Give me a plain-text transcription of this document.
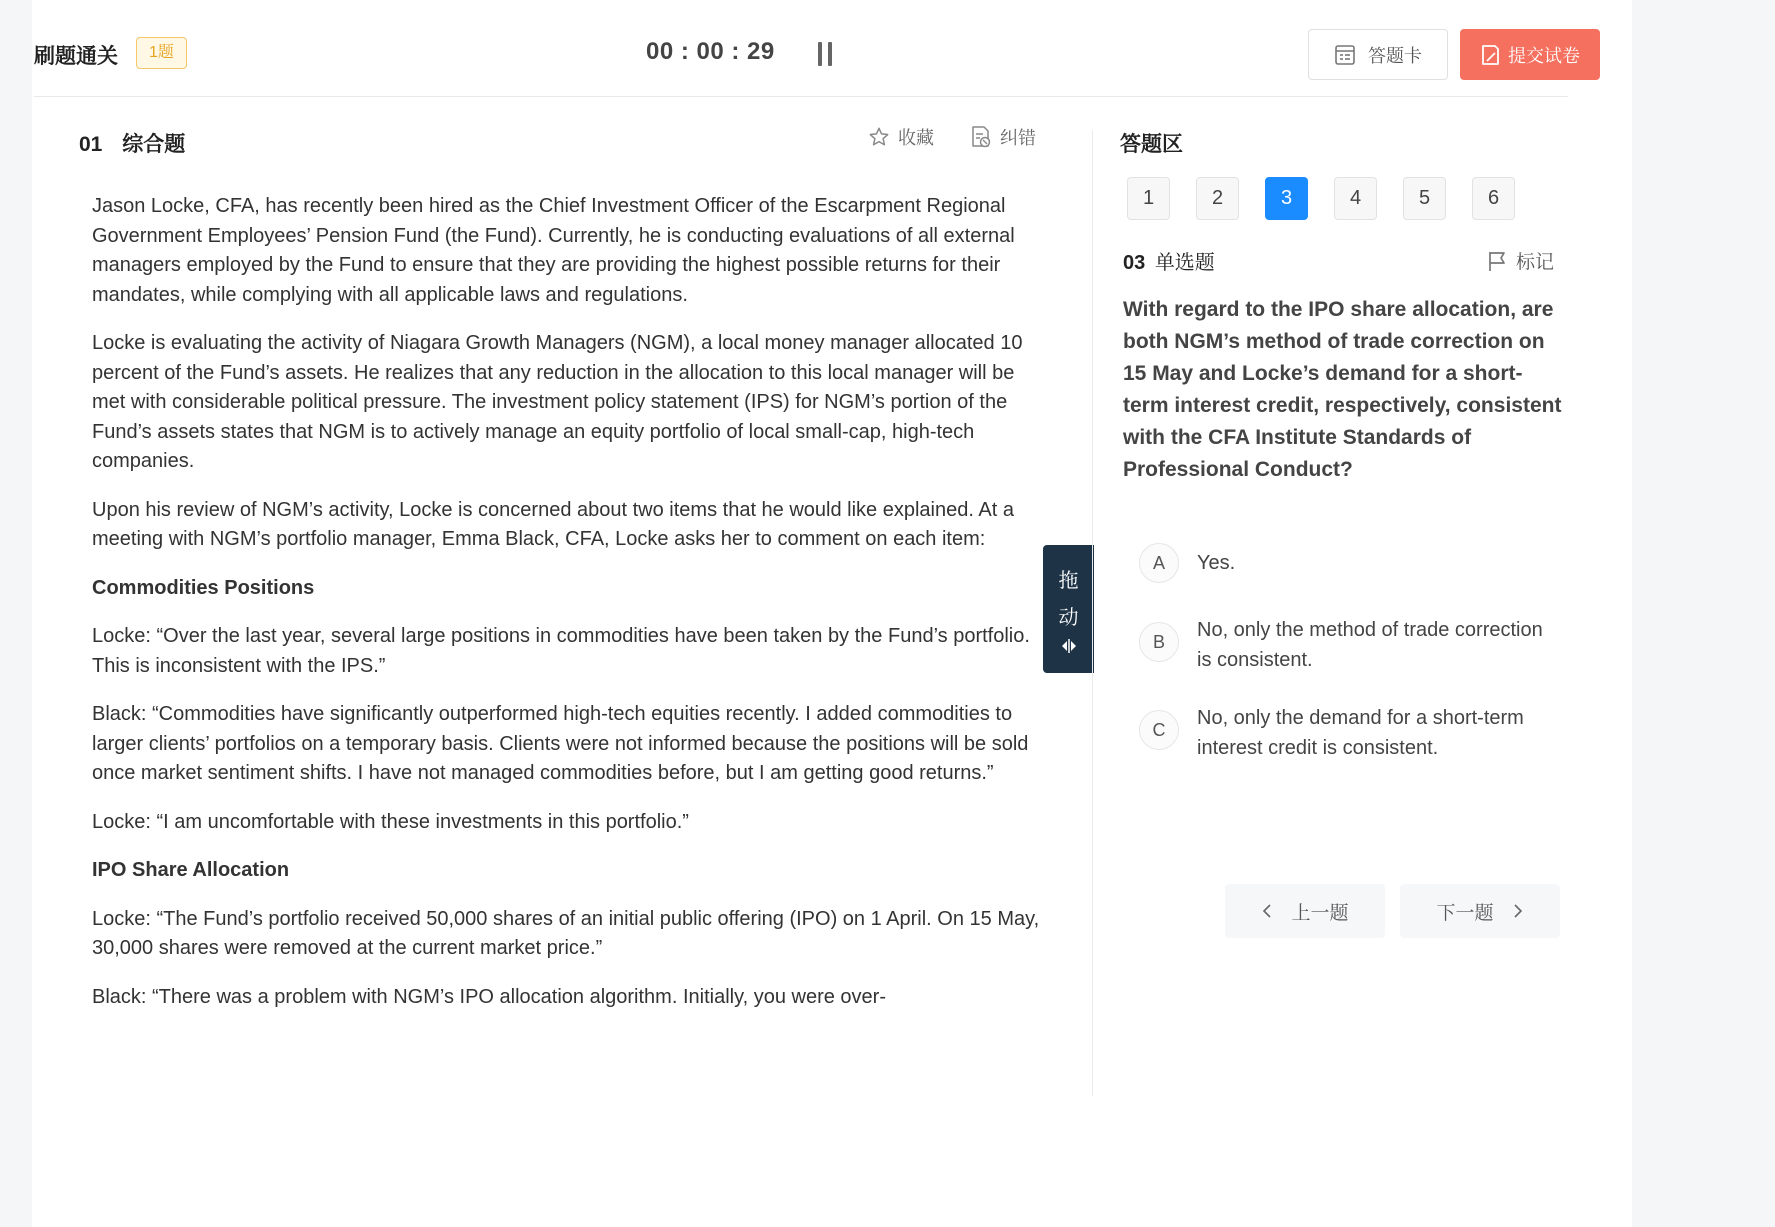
刷题通关	1题	00 : 00 : 29	答题卡	提交试卷
01 综合题	收藏	纠错

Jason Locke, CFA, has recently been hired as the Chief Investment Officer of the Escarpment Regional Government Employees’ Pension Fund (the Fund). Currently, he is conducting evaluations of all external managers employed by the Fund to ensure that they are providing the highest possible returns for their mandates, while complying with all applicable laws and regulations.

Locke is evaluating the activity of Niagara Growth Managers (NGM), a local money manager allocated 10 percent of the Fund’s assets. He realizes that any reduction in the allocation to this local manager will be met with considerable political pressure. The investment policy statement (IPS) for NGM’s portion of the Fund’s assets states that NGM is to actively manage an equity portfolio of local small-cap, high-tech companies.

Upon his review of NGM’s activity, Locke is concerned about two items that he would like explained. At a meeting with NGM’s portfolio manager, Emma Black, CFA, Locke asks her to comment on each item:

Commodities Positions

Locke: “Over the last year, several large positions in commodities have been taken by the Fund’s portfolio. This is inconsistent with the IPS.”

Black: “Commodities have significantly outperformed high-tech equities recently. I added commodities to larger clients’ portfolios on a temporary basis. Clients were not informed because the positions will be sold once market sentiment shifts. I have not managed commodities before, but I am getting good returns.”

Locke: “I am uncomfortable with these investments in this portfolio.”

IPO Share Allocation

Locke: “The Fund’s portfolio received 50,000 shares of an initial public offering (IPO) on 1 April. On 15 May, 30,000 shares were removed at the current market price.”

Black: “There was a problem with NGM’s IPO allocation algorithm. Initially, you were over-

拖
动
答题区
1	2	3	4	5	6
03 单选题	标记
With regard to the IPO share allocation, are both NGM’s method of trade correction on 15 May and Locke’s demand for a short-term interest credit, respectively, consistent with the CFA Institute Standards of Professional Conduct?
A	Yes.
B
No, only the method of trade correction is consistent.
C
No, only the demand for a short-term interest credit is consistent.
上一题	下一题
